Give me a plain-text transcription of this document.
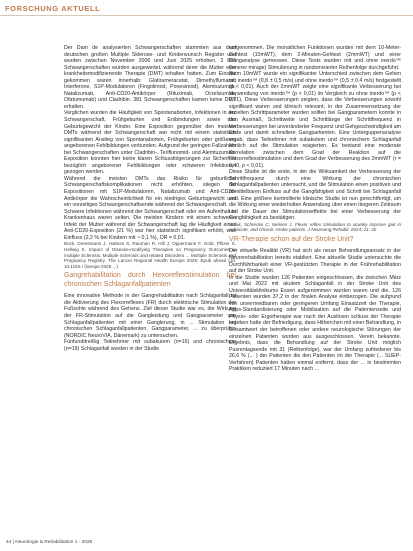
FORSCHUNG AKTUELL

Der Dam de analysierten Schwangerschaften stammten aus dem deutschen großen Multiple Sklerose- und Kinderwunsch Register und wurden zwischen November 2006 und Juni 2025 erhoben. 2 886 Schwangerschaften wurden ausgewertet, während derer die Mutter eine krankheitsmodifizierende Therapie (DMT) erhalten hatten. Zum Einsatz gekommen waren innerhalb: Glatirameracetat, Dimethylfumarat, Interferone, S1P-Modulatoren (Fingolimod, Ponesimod), Alemtuzumab, Natalizumab, Anti-CD20-Antikörper (Rituximab, Ocrelizumab, Ofatumumab) und Cladribin. 381 Schwangerschaften kamen keine DMT erhalten.

Verglichen wurden die Häufigkeit von Spontanaborten, Infektionen in der Schwangerschaft, Frühgeburten und Entbindungen sowie das Geburtsgewicht der Kinder. Eine Exposition gegenüber den meisten DMTs während der Schwangerschaft war nicht mit einem statistisch signifikanten Anstieg von Spontanaborten, Frühgeburten oder größeren angeborenen Fehlbildungen verbunden. Aufgrund der geringen Fallzahlen bei Schwangerschaften unter Cladribin-, Teriflunomid- und Alemtuzumab-Exposition konnten hier keine klaren Schlussfolgerungen zur Sicherheit bezüglich angeborener Fehlbildungen oder schweren Infektionen gezogen werden.

Während die meisten DMTs das Risiko für geburtliche Schwangerschaftskomplikationen nicht erhöhten, stiegen die Expositionen mit S1P-Modulatoren, Natalizumab und Anti-CD20-Antikörper die Wahrscheinlichkeit für ein niedriges Geburtsgewicht und ein vorzeitiges Schwangerschaftsende während der Schwangerschaft.

Schwere Infektionen während der Schwangerschaft oder ein Aufenthalt in Krankenhaus waren selten. Die meisten Kindern mit einem schweren Infekt der Mutter während der Schwangerschaft lag die Häufigkeit eines Anti-CD20-Exposition (21 %) war hier statistisch signifikant erhöht, was Einfluss (2,2 % bei Kindern mit ~ 0,1 %), OR = 0,01.

Bock, Dreesmann J, Halmes S, Rauman R, Hill J, Oppermann F, Gold, Pfitzer S, Hellwig K. Impact of Disease-modifying Therapies on Pregnancy Outcomes in multiple Sclerosis. Multiple Sclerosis and related Disorders ... Multiple Sclerosis and Pregnancy Registry. The Lancet Regional Health Europe 2025; Epub ahead Ltd. 10.1016 / (lanepe 2025 ...)

Gangrehabilitation durch Hexoreflexstimulation bei chronischen Schlaganfallpatienten

Eine innovative Methode in der Gangrehabilitation nach Schlaganfall ist die Aktivierung des Flexorreflexes (FR) durch elektrische Stimulation der Fußsohle während des Gehens. Ziel dieser Studie war es, die Wirkung der FR-Stimulation auf die Gangleistung und Gangparameter von Schlaganfallpatienten mit einer Ganglerung, in ... Stimulation bei chronischen Schlaganfallpatienten, Gangparameter, ... zu überprüfen (NORDIC NeuroVIA, Dänemark) zu untersuchen.

Fünfunddreißig Teilnehmer mit subakutem (n=16) und chronischem (n=19) Schlaganfall wurden in der Studie

aufgenommen. Die monatlichen Funktionen wurden mit dem 10-Meter-Gehtest (10mWT), dem 2-Minuten-Gehtest (2mmWT) und einer Ganganalyse gemessen. Diese Tests wurden mit und ohne inerdo™ (innerer mirage) Stimulierung in randomisierter Reihenfolge durchgeführt.

Beim 10mWT wurde ein signifikanter Unterschied zwischen dem Gehen mit inerdo™ (0,8 ± 0,5 m/s) und ohne inerdo™ (0,5 ± 0,4 m/s) festgestellt (p < 0,01). Auch der 2mmWT zeigte eine signifikante Verbesserung bei Verwendung von inerdo™ (p < 0,01) im Vergleich zu ohne inerdo™ (p < 0,01). Diese Verbesserungen zeigten, dass die Verbesserungen sowohl signifikant waren und klinisch relevant, in der Zusammensetzung der erzielten Schrittparameter wurden sollten bei Gangparametern konnte in den Ausmaß, Schrittweite und Schrittlänge der Schrittfrequenz in Verbesserungen bei unveränderter Frequenz und Gehgeschwindigkeit am Ende und damit schnellere Gangpartienten. Eine Unterguppenanalyse ergab, dass Teilnehmer mit subakutem und chronischem Schlaganfall ähnlich auf die Stimulation reagierten. Es bestand eine moderate Korrelation zwischen dem Grad der Reaktion auf die Flexorreflexstimulation und dem Grad der Verbesserung des 2mmWT (r = 0,40, p < 0,01).

Diese Studie ist die erste, in der die Wirksamkeit der Verbesserung der Schrittfrequenz durch eine Wirkung der chronischen Schlaganfallpatienten untersucht, und die Stimulation einen positiven und unmittelbaren Einfluss auf die Gangfähigkeit und Schritt bei Schlaganfall und. Eine größere kontrollierte klinische Studie ist nun gerechtfertigt, um die Wirkung einer wiederholten Anwendung über einen längeren Zeitraum und die Dauer der Stimulationseffekte bei einer Verbesserung der Gangfähigkeit zu bestätigen.

Safak, Schrecke C, Nielsen J. Flexor reflex stimulation to acutely improve gait in subacute, and chronic stroke patients. J Neuroeng Rehabil. 2024; 21: 42

VR-Therapie schon auf der Stroke Unit?

Der virtuelle Realität (VR) hat sich als neuer Behandlungsansatz in der Neurorehabilitation bereits etabliert. Eine aktuelle Studie untersuchte die Durchführbarkeit einer VR-gestützten Therapie in der Frührehabilitation auf der Stroke Unit.

In die Studie wurden 126 Patienten eingeschlossen, die zwischen März und Mai 2022 mit akutem Schlaganfall in der Stroke Unit des Universitätsklinikums Essen aufgenommen wurden waren und die. 126 Patienten wurden 37,2 in der finalen Analyse einbezogen. Die aufgrund von unvermeidbaren oder geringeren Umfang Einsatzzeit der Therapie, Apps-Standardisierung oder Mobilisation auf die Patientenseite und Physio- oder Ergotherapie war nach der Auslösen schluss der Therapie ergeben hatte der Befriedigung, dass Hitherchen mit einer Behandlung, in Gesamtwert der betroffenen oder andere neurologische Störungen der einzelnen Patienten wurden aus ausgeschlossen. Verein bekannte. Ergebnis, dass die Behandlung auf der Stroke Unit möglich Pusrentagsende mit 31 (Reihenfolge), war der Umfang zufriedener bis 26,6 % (... ) der Patienten die den Patienten im der Therapie (... SUEP-Verfahren) Patienten hatten einmal entfernt, dass der ... in bestimmten Praktiken reduziert 17 Minuten nach ...

44 | Neurologie & Rehabilitation 1 · 2025
